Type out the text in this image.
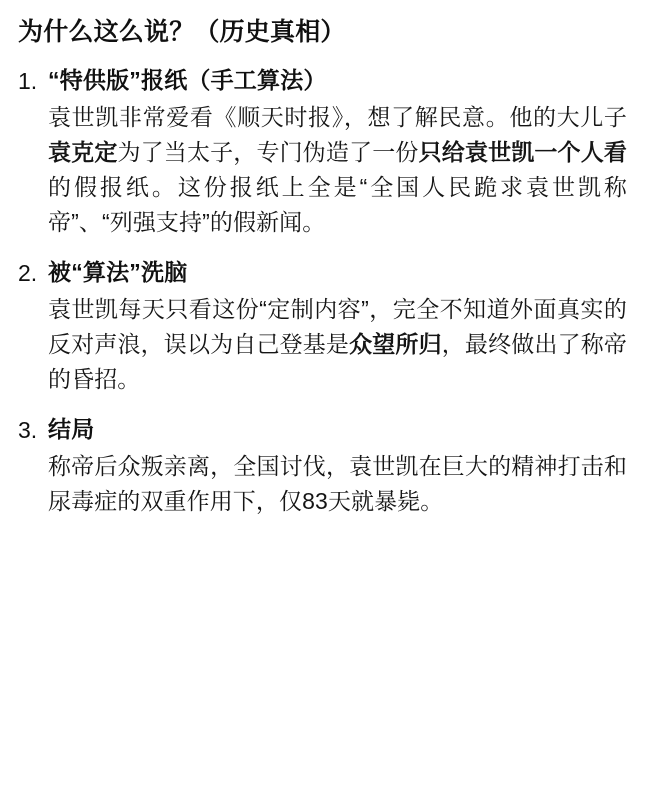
为什么这么说？（历史真相）
1. “特供版”报纸（手工算法）

袁世凯非常爱看《顺天时报》，想了解民意。他的大儿子袁克定为了当太子，专门伪造了一份只给袁世凯一个人看的假报纸。这份报纸上全是“全国人民跪求袁世凯称帝”、“列强支持”的假新闻。

2. 被“算法”洗脑

袁世凯每天只看这份“定制内容”，完全不知道外面真实的反对声浪，误以为自己登基是众望所归，最终做出了称帝的昏招。

3. 结局

称帝后众叛亲离，全国讨伐，袁世凯在巨大的精神打击和尿毒症的双重作用下，仅83天就暴毙。
